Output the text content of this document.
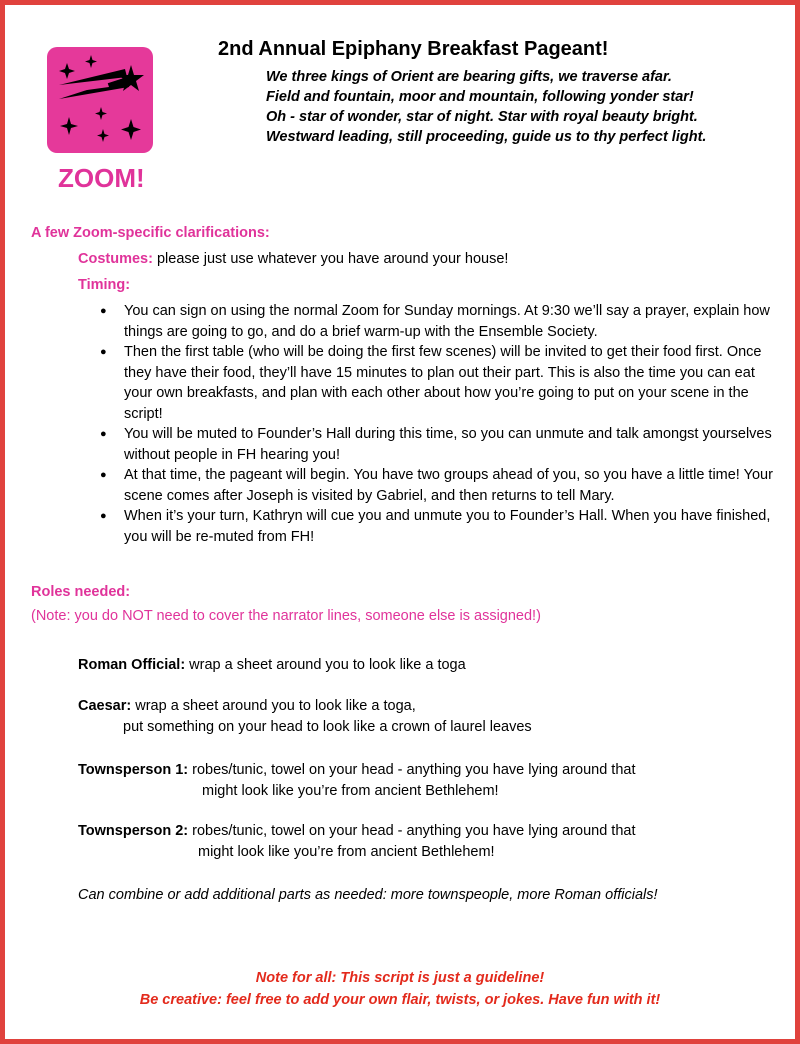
ZOOM!
2nd Annual Epiphany Breakfast Pageant!
We three kings of Orient are bearing gifts, we traverse afar.
Field and fountain, moor and mountain, following yonder star!
Oh - star of wonder, star of night. Star with royal beauty bright.
Westward leading, still proceeding, guide us to thy perfect light.
A few Zoom-specific clarifications:
Costumes: please just use whatever you have around your house!
Timing:
● You can sign on using the normal Zoom for Sunday mornings. At 9:30 we’ll say a prayer, explain how things are going to go, and do a brief warm-up with the Ensemble Society.
● Then the first table (who will be doing the first few scenes) will be invited to get their food first. Once they have their food, they’ll have 15 minutes to plan out their part. This is also the time you can eat your own breakfasts, and plan with each other about how you’re going to put on your scene in the script!
● You will be muted to Founder’s Hall during this time, so you can unmute and talk amongst yourselves without people in FH hearing you!
● At that time, the pageant will begin. You have two groups ahead of you, so you have a little time! Your scene comes after Joseph is visited by Gabriel, and then returns to tell Mary.
● When it’s your turn, Kathryn will cue you and unmute you to Founder’s Hall. When you have finished, you will be re-muted from FH!
Roles needed:
(Note: you do NOT need to cover the narrator lines, someone else is assigned!)
Roman Official: wrap a sheet around you to look like a toga
Caesar: wrap a sheet around you to look like a toga,
put something on your head to look like a crown of laurel leaves
Townsperson 1: robes/tunic, towel on your head - anything you have lying around that
might look like you’re from ancient Bethlehem!
Townsperson 2: robes/tunic, towel on your head - anything you have lying around that
might look like you’re from ancient Bethlehem!
Can combine or add additional parts as needed: more townspeople, more Roman officials!
Note for all: This script is just a guideline!
Be creative: feel free to add your own flair, twists, or jokes. Have fun with it!
